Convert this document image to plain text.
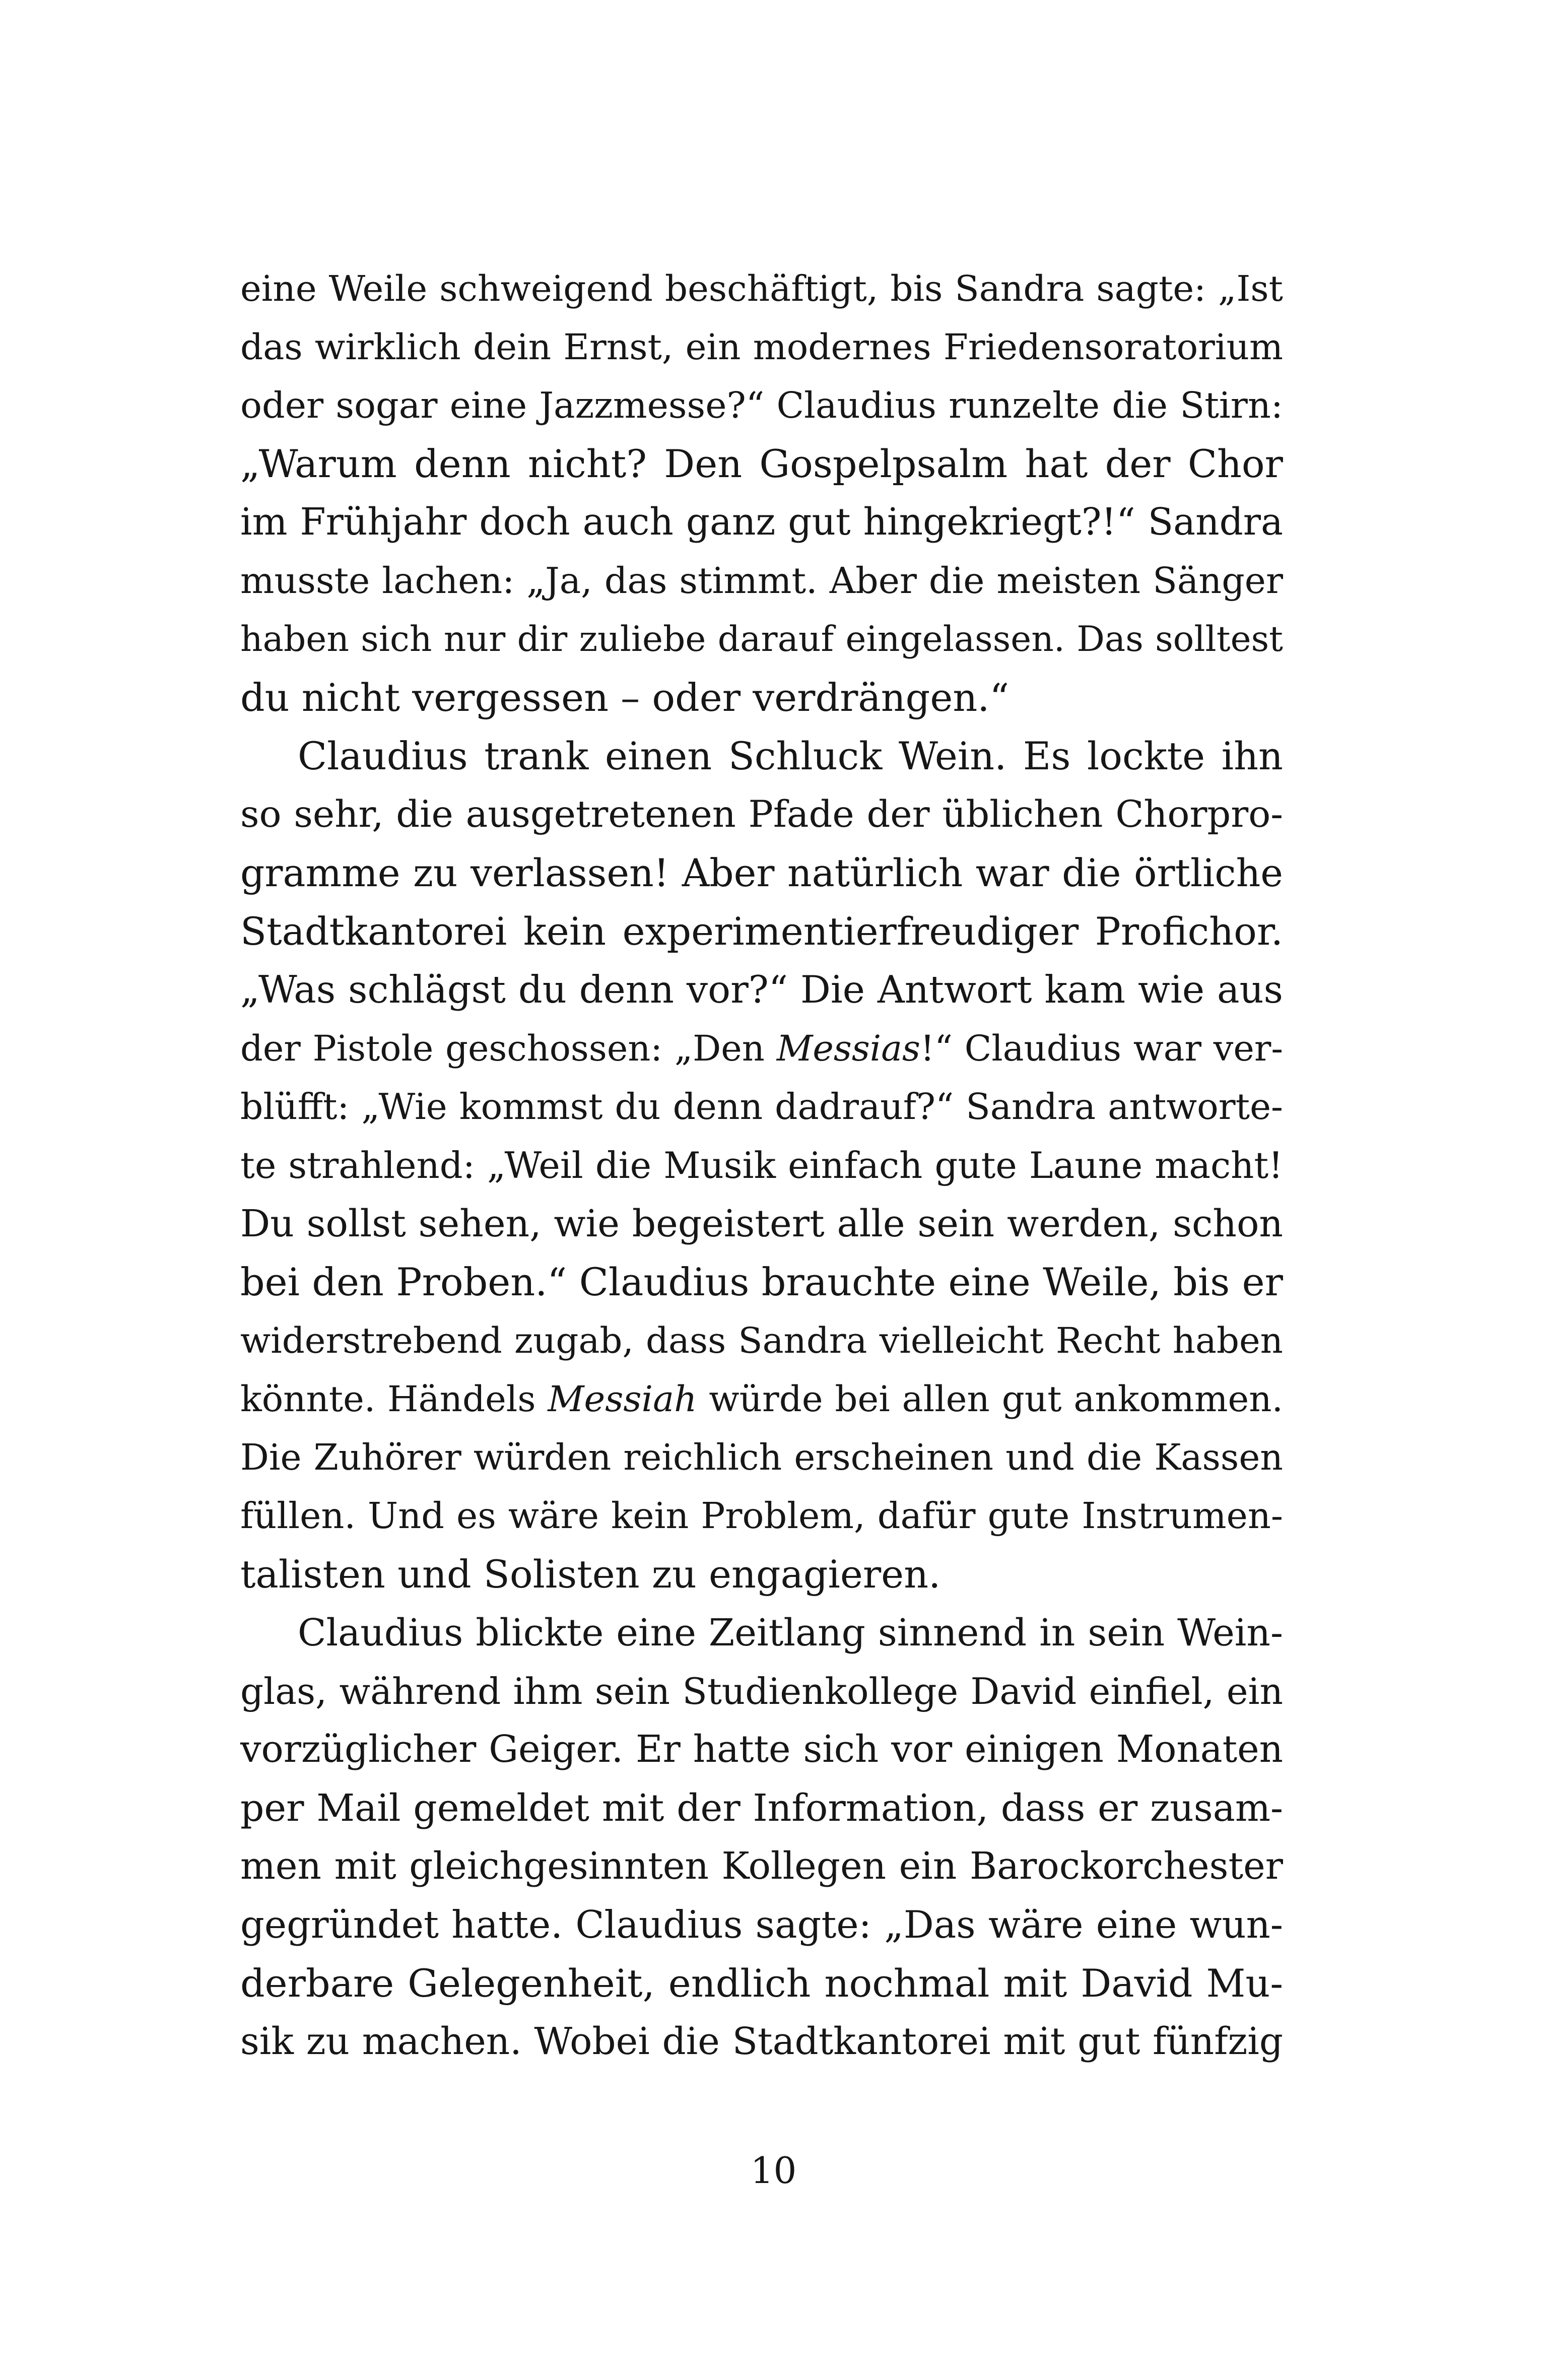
eine Weile schweigend beschäftigt, bis Sandra sagte: „Ist
das wirklich dein Ernst, ein modernes Friedensoratorium
oder sogar eine Jazzmesse?“ Claudius runzelte die Stirn:
„Warum denn nicht? Den Gospelpsalm hat der Chor
im Frühjahr doch auch ganz gut hingekriegt?!“ Sandra
musste lachen: „Ja, das stimmt. Aber die meisten Sänger
haben sich nur dir zuliebe darauf eingelassen. Das solltest
du nicht vergessen – oder verdrängen.“
Claudius trank einen Schluck Wein. Es lockte ihn
so sehr, die ausgetretenen Pfade der üblichen Chorpro-
gramme zu verlassen! Aber natürlich war die örtliche
Stadtkantorei kein experimentierfreudiger Profichor.
„Was schlägst du denn vor?“ Die Antwort kam wie aus
der Pistole geschossen: „Den Messias!“ Claudius war ver-
blüfft: „Wie kommst du denn dadrauf?“ Sandra antworte-
te strahlend: „Weil die Musik einfach gute Laune macht!
Du sollst sehen, wie begeistert alle sein werden, schon
bei den Proben.“ Claudius brauchte eine Weile, bis er
widerstrebend zugab, dass Sandra vielleicht Recht haben
könnte. Händels Messiah würde bei allen gut ankommen.
Die Zuhörer würden reichlich erscheinen und die Kassen
füllen. Und es wäre kein Problem, dafür gute Instrumen-
talisten und Solisten zu engagieren.
Claudius blickte eine Zeitlang sinnend in sein Wein-
glas, während ihm sein Studienkollege David einfiel, ein
vorzüglicher Geiger. Er hatte sich vor einigen Monaten
per Mail gemeldet mit der Information, dass er zusam-
men mit gleichgesinnten Kollegen ein Barockorchester
gegründet hatte. Claudius sagte: „Das wäre eine wun-
derbare Gelegenheit, endlich nochmal mit David Mu-
sik zu machen. Wobei die Stadtkantorei mit gut fünfzig
10
